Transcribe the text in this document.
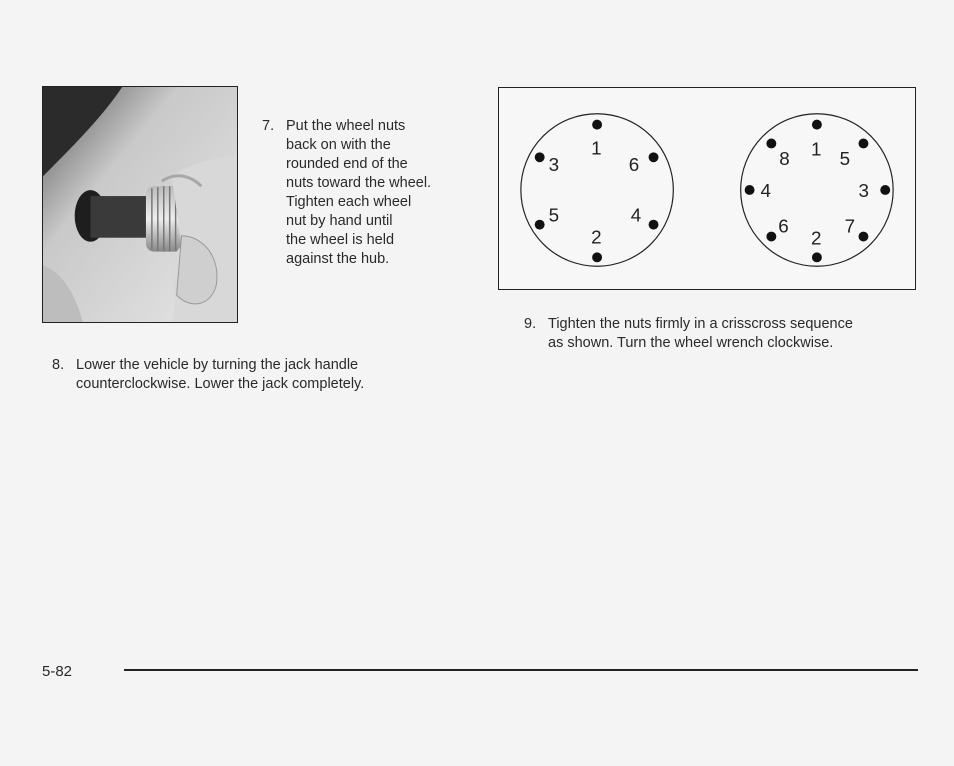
7. Put the wheel nuts
back on with the
rounded end of the
nuts toward the wheel.
Tighten each wheel
nut by hand until
the wheel is held
against the hub.
1
2
3
4
5
6
1
2
3
4
5
6	7
8
9. Tighten the nuts firmly in a crisscross sequence
as shown. Turn the wheel wrench clockwise.
8. Lower the vehicle by turning the jack handle
counterclockwise. Lower the jack completely.
5-82
